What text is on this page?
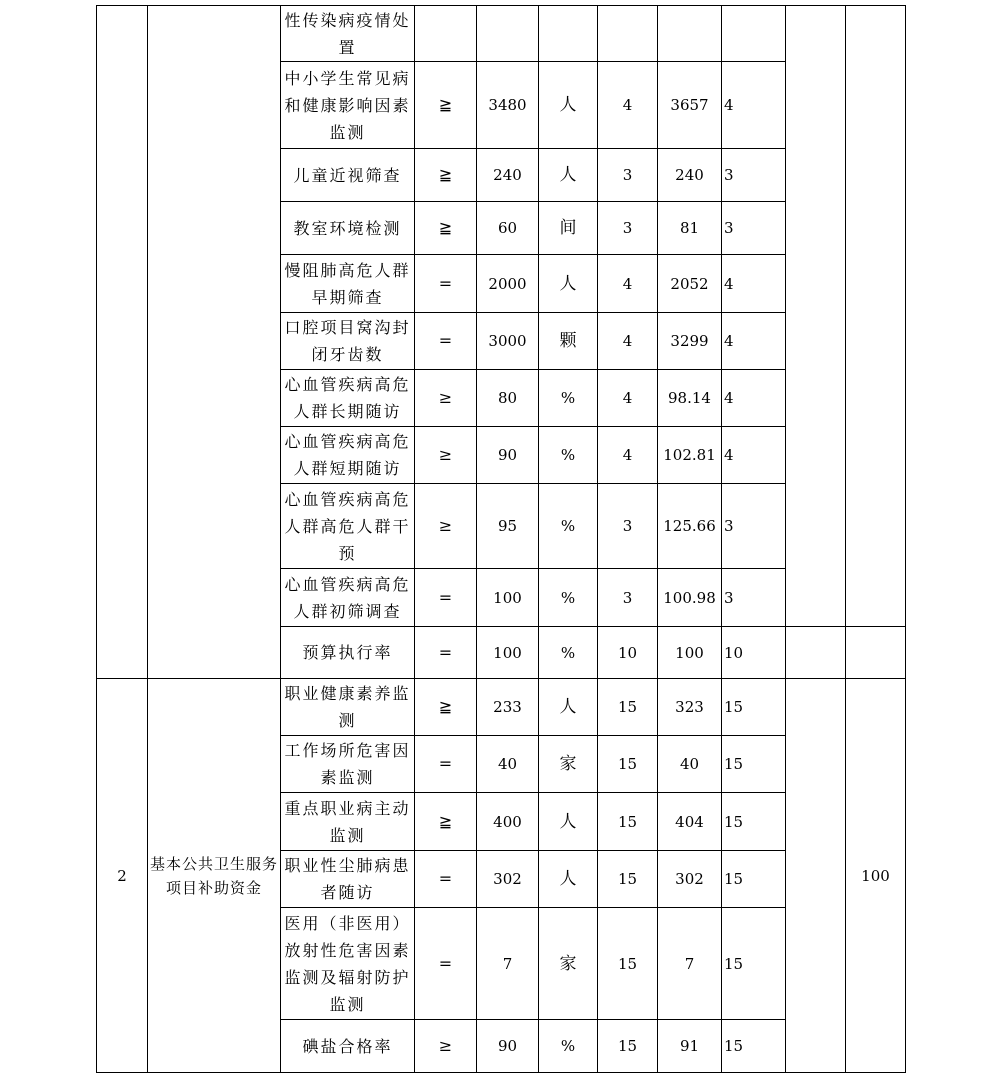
		性传染病疫情处置								
		中小学生常见病和健康影响因素监测	≧	3480	人	4	3657	4		
		儿童近视筛查	≧	240	人	3	240	3		
		教室环境检测	≧	60	间	3	81	3		
		慢阻肺高危人群早期筛查	=	2000	人	4	2052	4		
		口腔项目窝沟封闭牙齿数	=	3000	颗	4	3299	4		
		心血管疾病高危人群长期随访	≥	80	%	4	98.14	4		
		心血管疾病高危人群短期随访	≥	90	%	4	102.81	4		
		心血管疾病高危人群高危人群干预	≥	95	%	3	125.66	3		
		心血管疾病高危人群初筛调查	=	100	%	3	100.98	3		
		预算执行率	=	100	%	10	100	10		
2	基本公共卫生服务项目补助资金	职业健康素养监测	≧	233	人	15	323	15		100
		工作场所危害因素监测	=	40	家	15	40	15		
		重点职业病主动监测	≧	400	人	15	404	15		
		职业性尘肺病患者随访	=	302	人	15	302	15		
		医用（非医用）放射性危害因素监测及辐射防护监测	=	7	家	15	7	15		
		碘盐合格率	≥	90	%	15	91	15		
